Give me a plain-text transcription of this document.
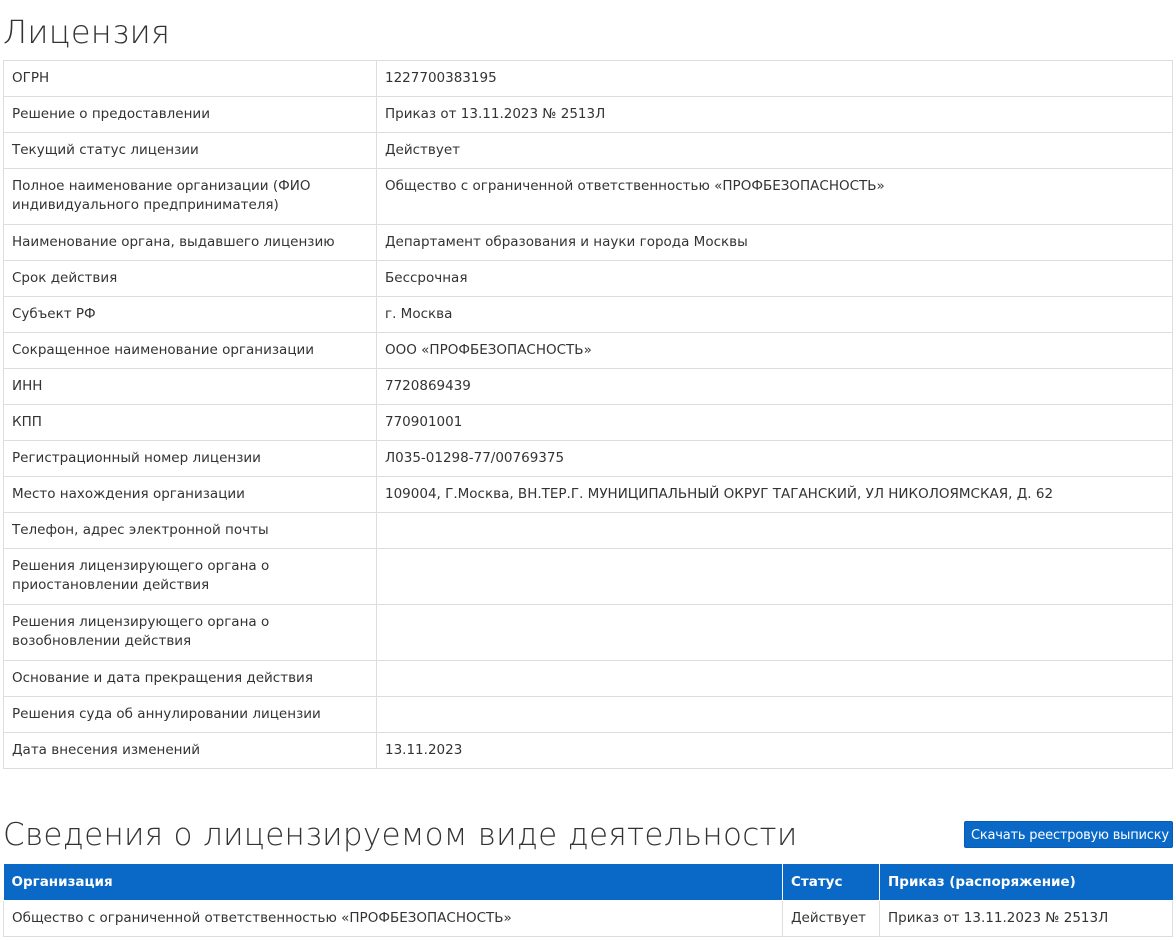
Лицензия
ОГРН	1227700383195
Решение о предоставлении	Приказ от 13.11.2023 № 2513Л
Текущий статус лицензии	Действует
Полное наименование организации (ФИО индивидуального предпринимателя)	Общество с ограниченной ответственностью «ПРОФБЕЗОПАСНОСТЬ»
Наименование органа, выдавшего лицензию	Департамент образования и науки города Москвы
Срок действия	Бессрочная
Субъект РФ	г. Москва
Сокращенное наименование организации	ООО «ПРОФБЕЗОПАСНОСТЬ»
ИНН	7720869439
КПП	770901001
Регистрационный номер лицензии	Л035-01298-77/00769375
Место нахождения организации	109004, Г.Москва, ВН.ТЕР.Г. МУНИЦИПАЛЬНЫЙ ОКРУГ ТАГАНСКИЙ, УЛ НИКОЛОЯМСКАЯ, Д. 62
Телефон, адрес электронной почты	
Решения лицензирующего органа о приостановлении действия	
Решения лицензирующего органа о возобновлении действия	
Основание и дата прекращения действия	
Решения суда об аннулировании лицензии	
Дата внесения изменений	13.11.2023
Сведения о лицензируемом виде деятельности	Скачать реестровую выписку
Организация	Статус	Приказ (распоряжение)
Общество с ограниченной ответственностью «ПРОФБЕЗОПАСНОСТЬ»	Действует	Приказ от 13.11.2023 № 2513Л
